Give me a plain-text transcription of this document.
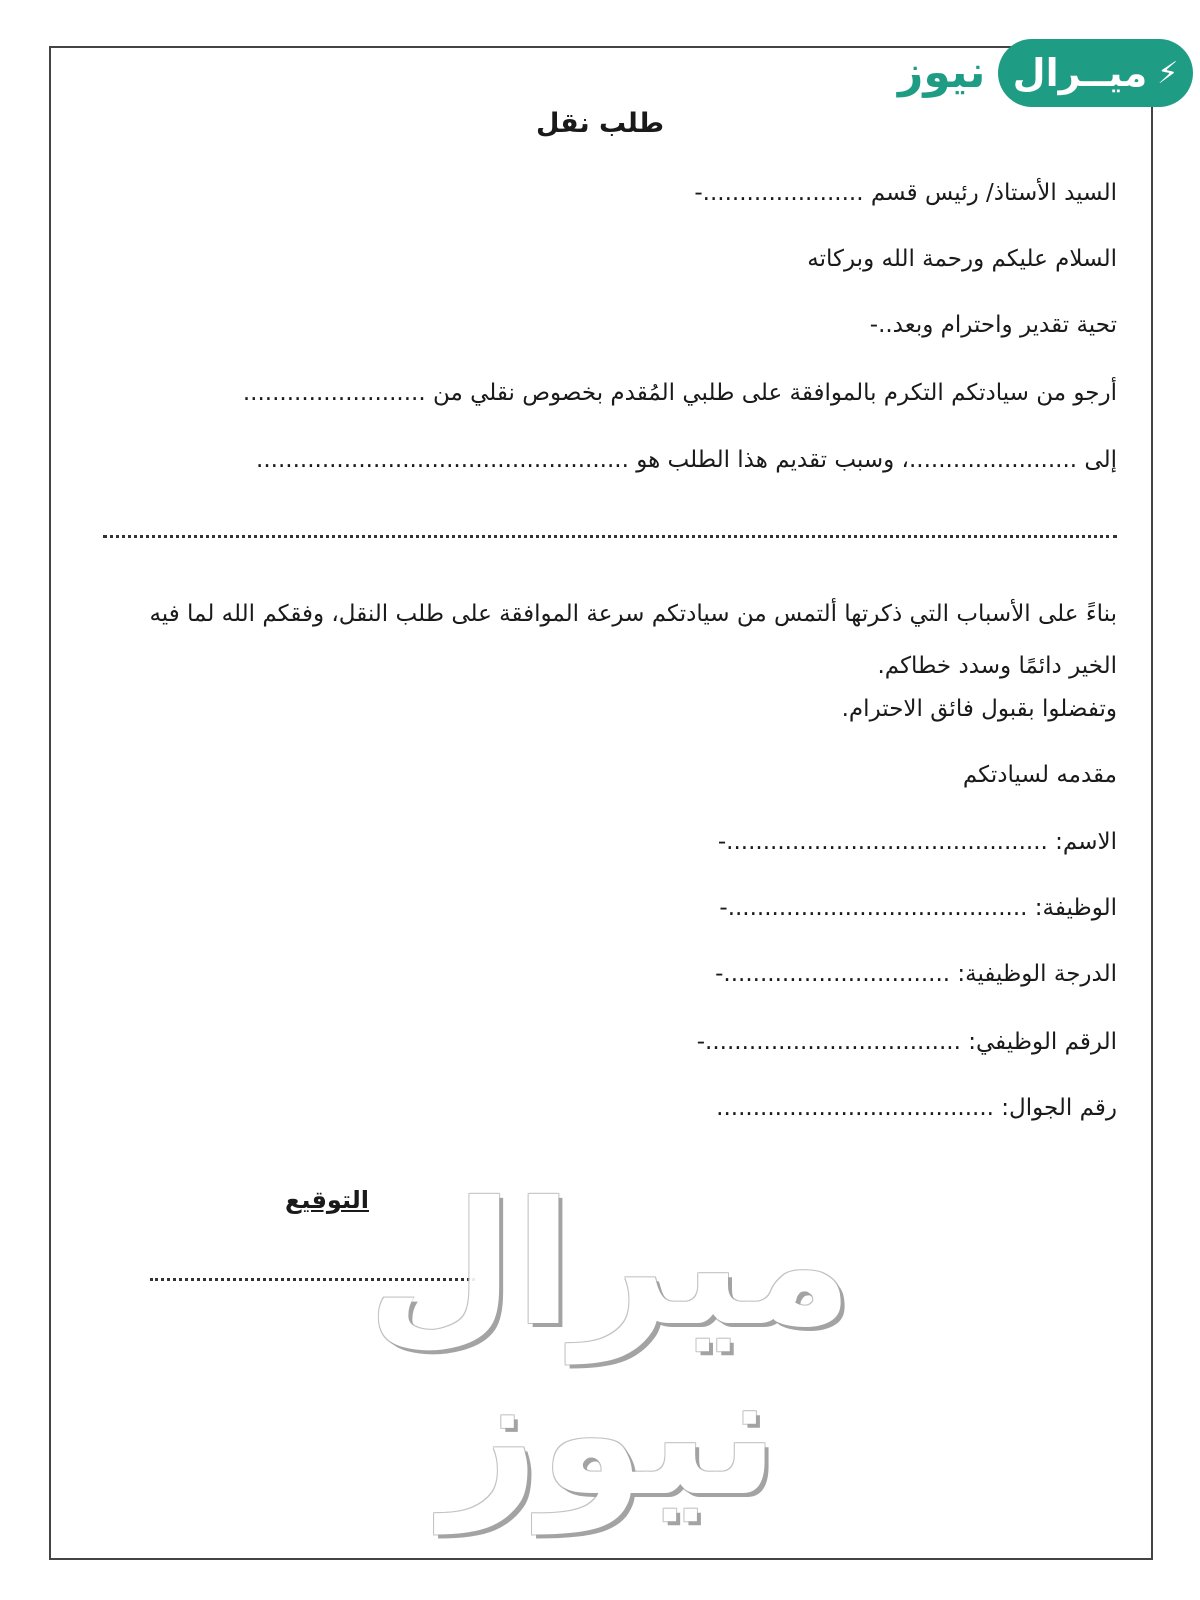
نيوز ميــرال ⚡
طلب نقل
السيد الأستاذ/ رئيس قسم ......................-
السلام عليكم ورحمة الله وبركاته
تحية تقدير واحترام وبعد..-
أرجو من سيادتكم التكرم بالموافقة على طلبي المُقدم بخصوص نقلي من .........................
إلى .......................، وسبب تقديم هذا الطلب هو ...................................................
بناءً على الأسباب التي ذكرتها ألتمس من سيادتكم سرعة الموافقة على طلب النقل، وفقكم الله لما فيه الخير دائمًا وسدد خطاكم.
وتفضلوا بقبول فائق الاحترام.
مقدمه لسيادتكم
الاسم: ............................................-
الوظيفة: .........................................-
الدرجة الوظيفية: ...............................-
الرقم الوظيفي: ...................................-
رقم الجوال: ......................................
التوقيع
ميرال نيوز
